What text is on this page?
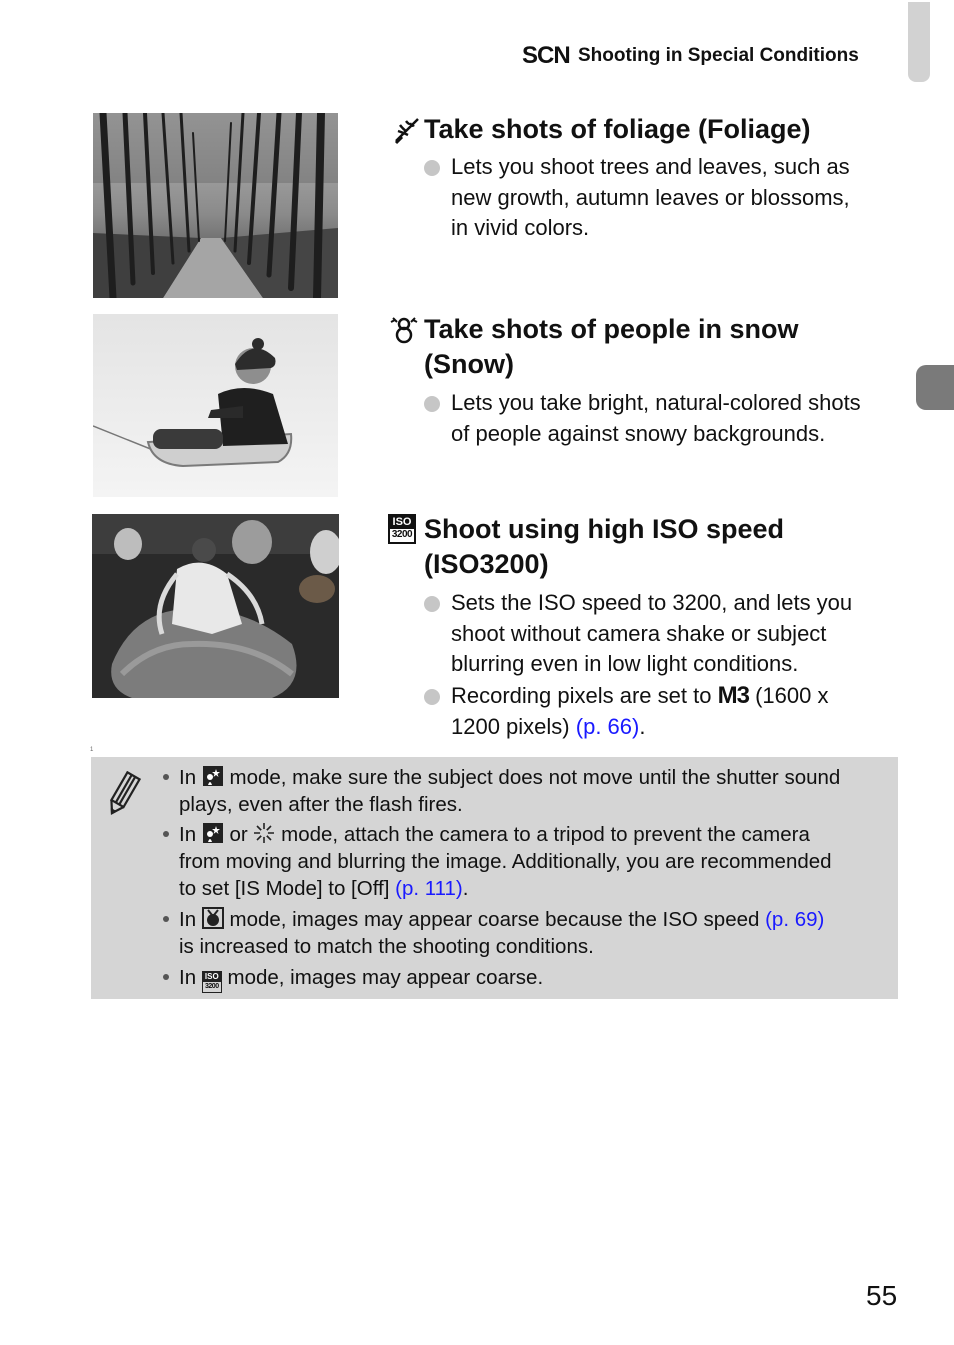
SCN Shooting in Special Conditions
Take shots of foliage (Foliage)
Lets you shoot trees and leaves, such as
new growth, autumn leaves or blossoms,
in vivid colors.
Take shots of people in snow
(Snow)
Lets you take bright, natural-colored shots
of people against snowy backgrounds.
ISO
3200 Shoot using high ISO speed
(ISO3200)
Sets the ISO speed to 3200, and lets you
shoot without camera shake or subject
blurring even in low light conditions.
Recording pixels are set to M3 (1600 x
1200 pixels) (p. 66).
1
In mode, make sure the subject does not move until the shutter sound
plays, even after the flash fires.
In or mode, attach the camera to a tripod to prevent the camera
from moving and blurring the image. Additionally, you are recommended
to set [IS Mode] to [Off] (p. 111).
In mode, images may appear coarse because the ISO speed (p. 69)
is increased to match the shooting conditions.
In ISO
3200 mode, images may appear coarse.
55
